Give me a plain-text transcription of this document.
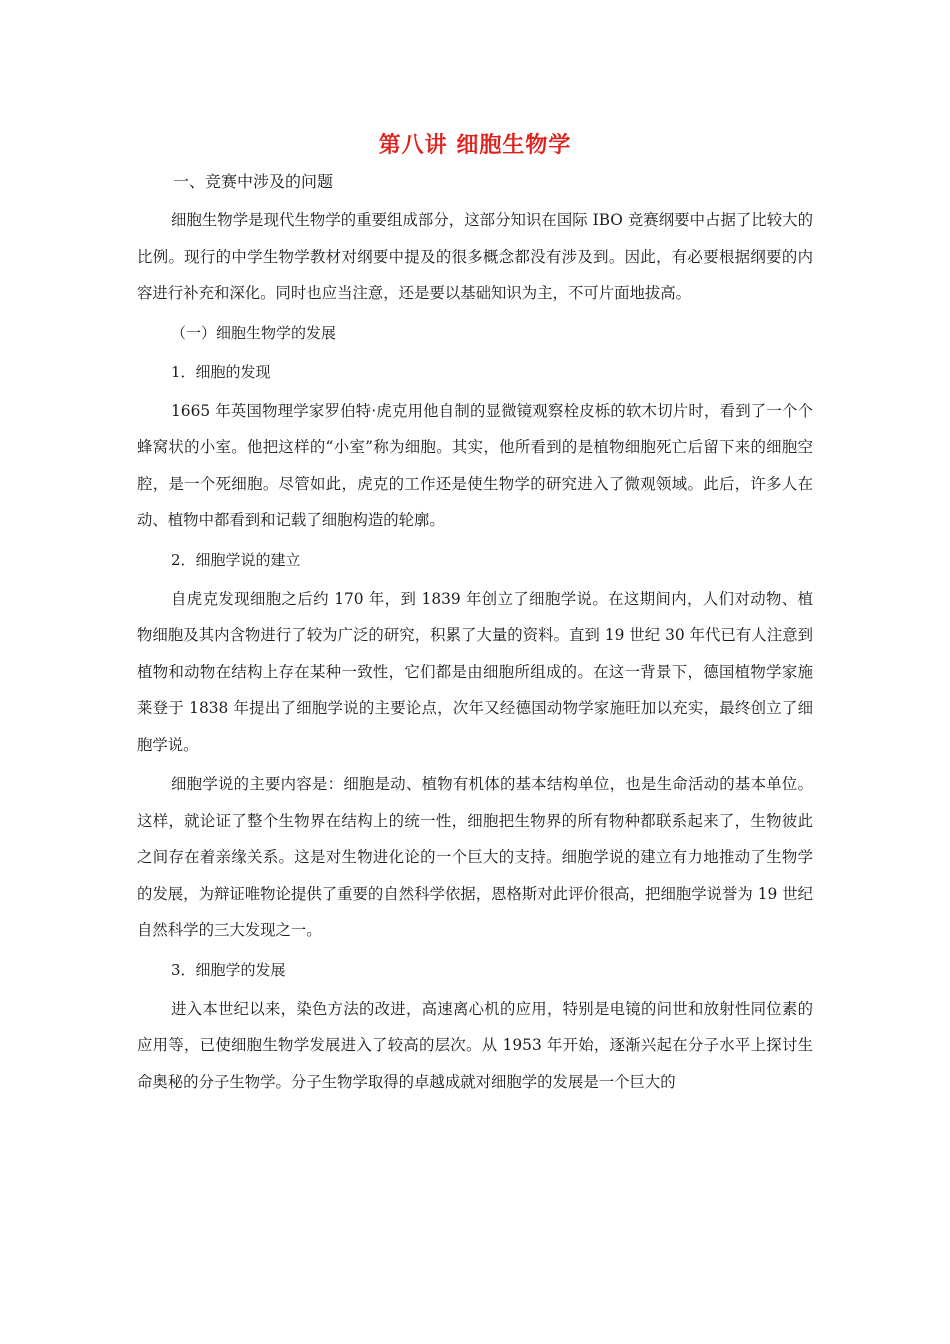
第八讲 细胞生物学
一、竞赛中涉及的问题

细胞生物学是现代生物学的重要组成部分，这部分知识在国际 IBO 竞赛纲要中占据了比较大的比例。现行的中学生物学教材对纲要中提及的很多概念都没有涉及到。因此，有必要根据纲要的内容进行补充和深化。同时也应当注意，还是要以基础知识为主，不可片面地拔高。

（一）细胞生物学的发展
1．细胞的发现

1665 年英国物理学家罗伯特·虎克用他自制的显微镜观察栓皮栎的软木切片时，看到了一个个蜂窝状的小室。他把这样的“小室”称为细胞。其实，他所看到的是植物细胞死亡后留下来的细胞空腔，是一个死细胞。尽管如此，虎克的工作还是使生物学的研究进入了微观领域。此后，许多人在动、植物中都看到和记载了细胞构造的轮廓。

2．细胞学说的建立

自虎克发现细胞之后约 170 年，到 1839 年创立了细胞学说。在这期间内，人们对动物、植物细胞及其内含物进行了较为广泛的研究，积累了大量的资料。直到 19 世纪 30 年代已有人注意到植物和动物在结构上存在某种一致性，它们都是由细胞所组成的。在这一背景下，德国植物学家施莱登于 1838 年提出了细胞学说的主要论点，次年又经德国动物学家施旺加以充实，最终创立了细胞学说。

细胞学说的主要内容是：细胞是动、植物有机体的基本结构单位，也是生命活动的基本单位。这样，就论证了整个生物界在结构上的统一性，细胞把生物界的所有物种都联系起来了，生物彼此之间存在着亲缘关系。这是对生物进化论的一个巨大的支持。细胞学说的建立有力地推动了生物学的发展，为辩证唯物论提供了重要的自然科学依据，恩格斯对此评价很高，把细胞学说誉为 19 世纪自然科学的三大发现之一。

3．细胞学的发展

进入本世纪以来，染色方法的改进，高速离心机的应用，特别是电镜的问世和放射性同位素的应用等，已使细胞生物学发展进入了较高的层次。从 1953 年开始，逐渐兴起在分子水平上探讨生命奥秘的分子生物学。分子生物学取得的卓越成就对细胞学的发展是一个巨大的
